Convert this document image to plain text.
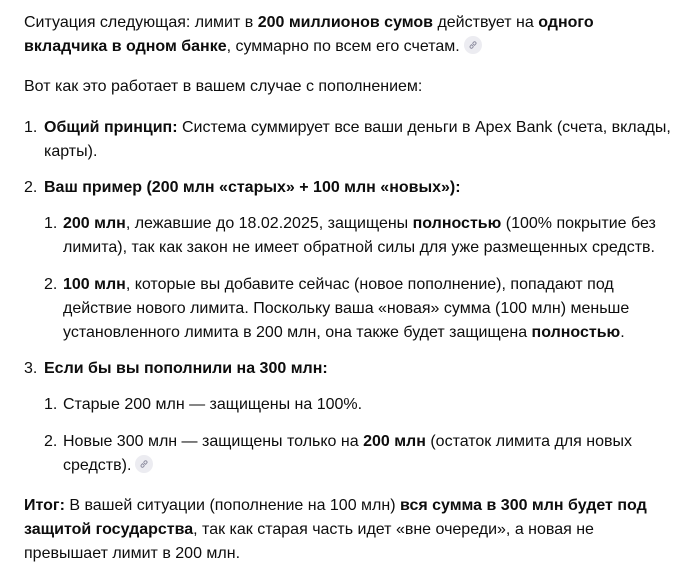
Ситуация следующая: лимит в 200 миллионов сумов действует на одного вкладчика в одном банке, суммарно по всем его счетам.

Вот как это работает в вашем случае с пополнением:

1. Общий принцип: Система суммирует все ваши деньги в Apex Bank (счета, вклады, карты).
2. Ваш пример (200 млн «старых» + 100 млн «новых»):
1. 200 млн, лежавшие до 18.02.2025, защищены полностью (100% покрытие без лимита), так как закон не имеет обратной силы для уже размещенных средств.
2. 100 млн, которые вы добавите сейчас (новое пополнение), попадают под действие нового лимита. Поскольку ваша «новая» сумма (100 млн) меньше установленного лимита в 200 млн, она также будет защищена полностью.
3. Если бы вы пополнили на 300 млн:
1. Старые 200 млн — защищены на 100%.
2. Новые 300 млн — защищены только на 200 млн (остаток лимита для новых средств).

Итог: В вашей ситуации (пополнение на 100 млн) вся сумма в 300 млн будет под защитой государства, так как старая часть идет «вне очереди», а новая не превышает лимит в 200 млн.
